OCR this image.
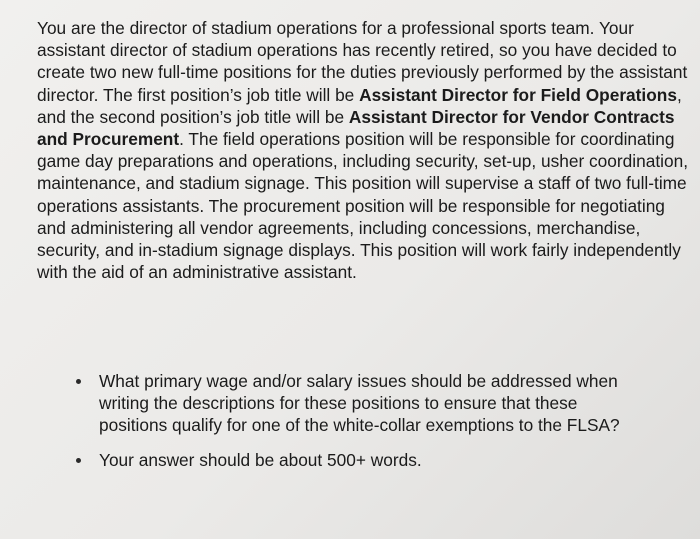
You are the director of stadium operations for a professional sports team. Your assistant director of stadium operations has recently retired, so you have decided to create two new full-time positions for the duties previously performed by the assistant director. The first position’s job title will be Assistant Director for Field Operations, and the second position’s job title will be Assistant Director for Vendor Contracts and Procurement. The field operations position will be responsible for coordinating game day preparations and operations, including security, set-up, usher coordination, maintenance, and stadium signage. This position will supervise a staff of two full-time operations assistants. The procurement position will be responsible for negotiating and administering all vendor agreements, including concessions, merchandise, security, and in-stadium signage displays. This position will work fairly independently with the aid of an administrative assistant.

What primary wage and/or salary issues should be addressed when writing the descriptions for these positions to ensure that these positions qualify for one of the white-collar exemptions to the FLSA?
Your answer should be about 500+ words.
